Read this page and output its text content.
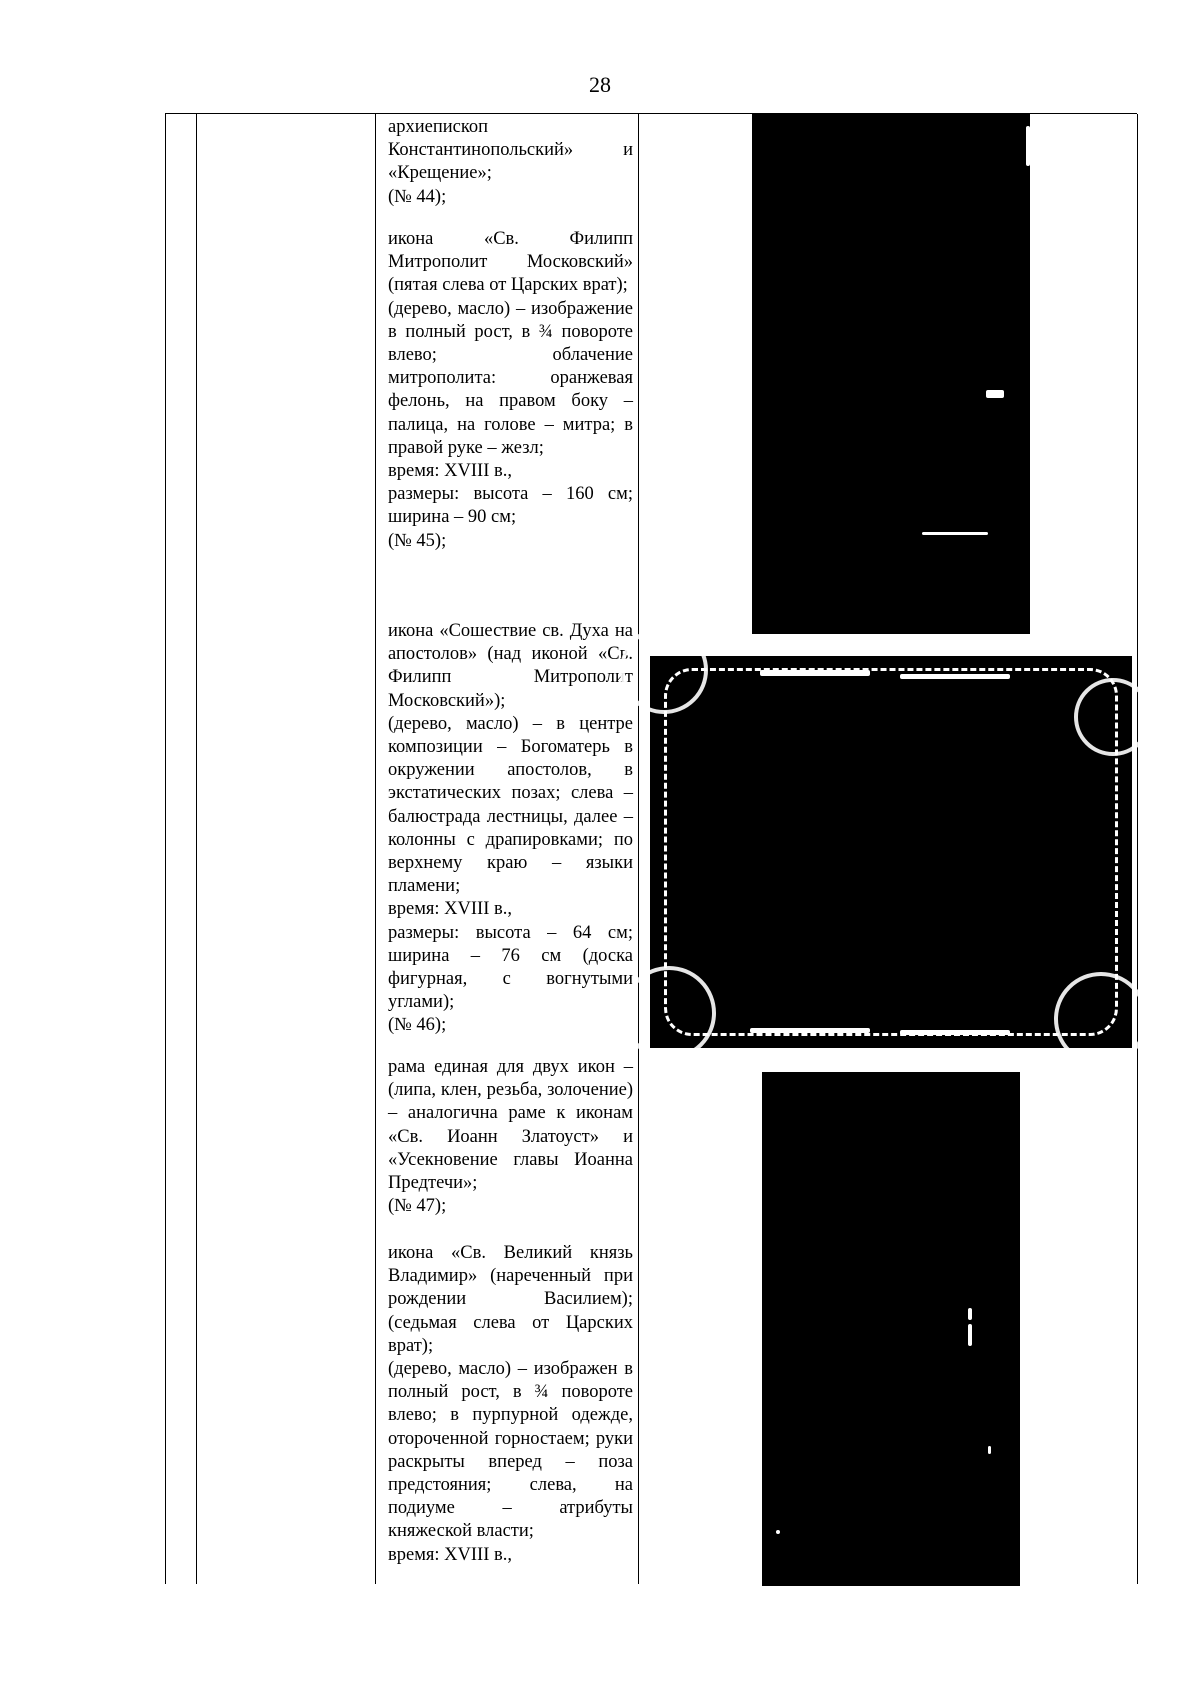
28

архиепископ Константинопольский» и «Крещение»;

(№ 44);

икона «Св. Филипп Митрополит Московский» (пятая слева от Царских врат);

(дерево, масло) – изображение в полный рост, в ¾ повороте влево; облачение митрополита: оранжевая фелонь, на правом боку – палица, на голове – митра; в правой руке – жезл;

время: XVIII в.,

размеры: высота – 160 см; ширина – 90 см;

(№ 45);

икона «Сошествие св. Духа на апостолов» (над иконой «Св. Филипп Митрополит Московский»);

(дерево, масло) – в центре композиции – Богоматерь в окружении апостолов, в экстатических позах; слева – балюстрада лестницы, далее – колонны с драпировками; по верхнему краю – языки пламени;

время: XVIII в.,

размеры: высота – 64 см; ширина – 76 см (доска фигурная, с вогнутыми углами);

(№ 46);

рама единая для двух икон – (липа, клен, резьба, золочение) – аналогична раме к иконам «Св. Иоанн Златоуст» и «Усекновение главы Иоанна Предтечи»;

(№ 47);

икона «Св. Великий князь Владимир» (нареченный при рождении Василием); (седьмая слева от Царских врат);

(дерево, масло) – изображен в полный рост, в ¾ повороте влево; в пурпурной одежде, отороченной горностаем; руки раскрыты вперед – поза предстояния; слева, на подиуме – атрибуты княжеской власти;

время: XVIII в.,
